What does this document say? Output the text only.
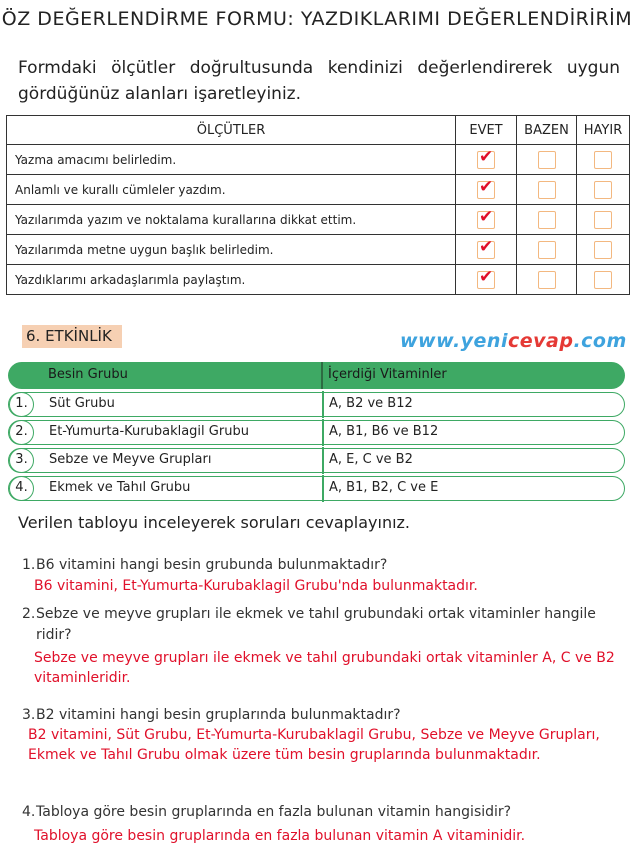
ÖZ DEĞERLENDİRME FORMU: YAZDIKLARIMI DEĞERLENDİRİRİM
Formdaki ölçütler doğrultusunda kendinizi değerlendirerek uygun gördüğünüz alanları işaretleyiniz.
ÖLÇÜTLER	EVET	BAZEN	HAYIR
Yazma amacımı belirledim.	✔		

Anlamlı ve kurallı cümleler yazdım.	✔		

Yazılarımda yazım ve noktalama kurallarına dikkat ettim.	✔		

Yazılarımda metne uygun başlık belirledim.	✔		

Yazdıklarımı arkadaşlarımla paylaştım.	✔		

6. ETKİNLİK	www.yenicevap.com
Besin Grubu	İçerdiği Vitaminler
1.	Süt Grubu	A, B2 ve B12
2.	Et-Yumurta-Kurubaklagil Grubu	A, B1, B6 ve B12
3.	Sebze ve Meyve Grupları	A, E, C ve B2
4.	Ekmek ve Tahıl Grubu	A, B1, B2, C ve E
Verilen tabloyu inceleyerek soruları cevaplayınız.
1. B6 vitamini hangi besin grubunda bulunmaktadır?
B6 vitamini, Et-Yumurta-Kurubaklagil Grubu'nda bulunmaktadır.
2. Sebze ve meyve grupları ile ekmek ve tahıl grubundaki ortak vitaminler hangile ridir?
Sebze ve meyve grupları ile ekmek ve tahıl grubundaki ortak vitaminler A, C ve B2 vitaminleridir.
3. B2 vitamini hangi besin gruplarında bulunmaktadır?
B2 vitamini, Süt Grubu, Et-Yumurta-Kurubaklagil Grubu, Sebze ve Meyve Grupları, Ekmek ve Tahıl Grubu olmak üzere tüm besin gruplarında bulunmaktadır.
4. Tabloya göre besin gruplarında en fazla bulunan vitamin hangisidir?
Tabloya göre besin gruplarında en fazla bulunan vitamin A vitaminidir.
